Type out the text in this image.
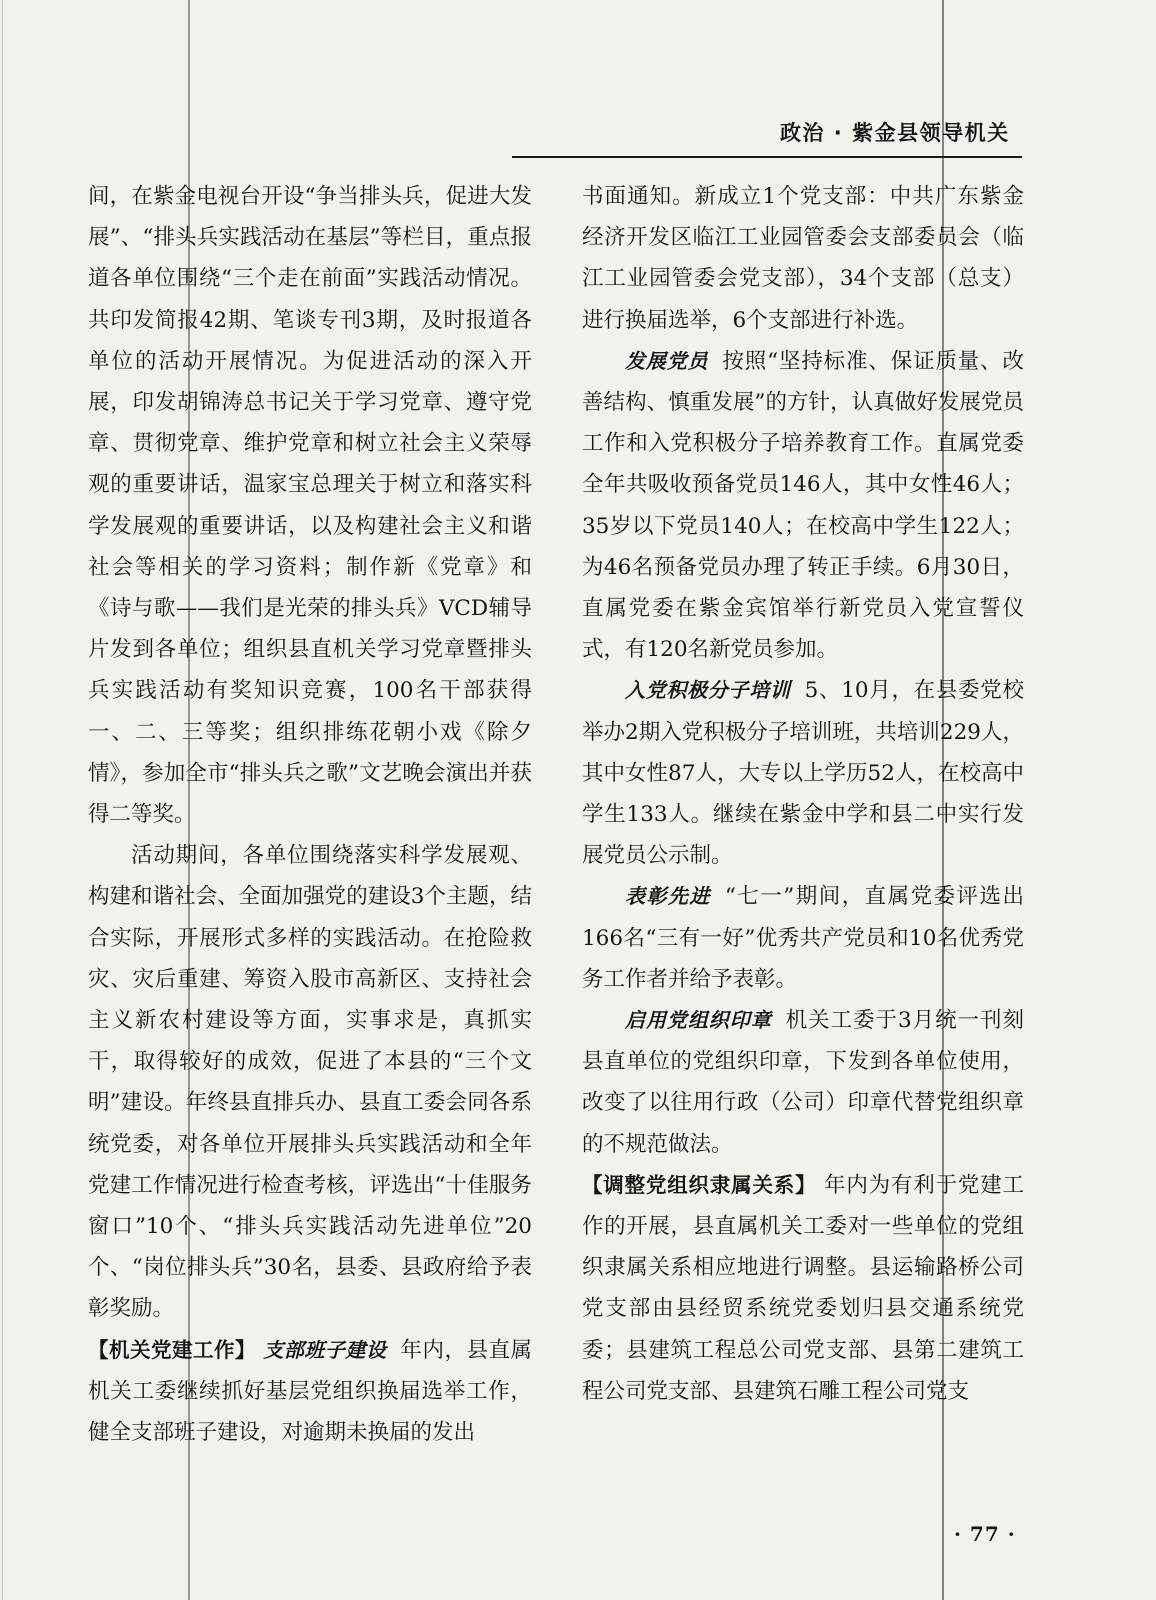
政治 · 紫金县领导机关

间，在紫金电视台开设“争当排头兵，促进大发展”、“排头兵实践活动在基层”等栏目，重点报道各单位围绕“三个走在前面”实践活动情况。共印发简报42期、笔谈专刊3期，及时报道各单位的活动开展情况。为促进活动的深入开展，印发胡锦涛总书记关于学习党章、遵守党章、贯彻党章、维护党章和树立社会主义荣辱观的重要讲话，温家宝总理关于树立和落实科学发展观的重要讲话，以及构建社会主义和谐社会等相关的学习资料；制作新《党章》和《诗与歌——我们是光荣的排头兵》VCD辅导片发到各单位；组织县直机关学习党章暨排头兵实践活动有奖知识竞赛，100名干部获得一、二、三等奖；组织排练花朝小戏《除夕情》，参加全市“排头兵之歌”文艺晚会演出并获得二等奖。

活动期间，各单位围绕落实科学发展观、构建和谐社会、全面加强党的建设3个主题，结合实际，开展形式多样的实践活动。在抢险救灾、灾后重建、筹资入股市高新区、支持社会主义新农村建设等方面，实事求是，真抓实干，取得较好的成效，促进了本县的“三个文明”建设。年终县直排兵办、县直工委会同各系统党委，对各单位开展排头兵实践活动和全年党建工作情况进行检查考核，评选出“十佳服务窗口”10个、“排头兵实践活动先进单位”20个、“岗位排头兵”30名，县委、县政府给予表彰奖励。

【机关党建工作】 支部班子建设 年内，县直属机关工委继续抓好基层党组织换届选举工作，健全支部班子建设，对逾期未换届的发出

书面通知。新成立1个党支部：中共广东紫金经济开发区临江工业园管委会支部委员会（临江工业园管委会党支部），34个支部（总支）进行换届选举，6个支部进行补选。

发展党员 按照“坚持标准、保证质量、改善结构、慎重发展”的方针，认真做好发展党员工作和入党积极分子培养教育工作。直属党委全年共吸收预备党员146人，其中女性46人；35岁以下党员140人；在校高中学生122人；为46名预备党员办理了转正手续。6月30日，直属党委在紫金宾馆举行新党员入党宣誓仪式，有120名新党员参加。

入党积极分子培训 5、10月，在县委党校举办2期入党积极分子培训班，共培训229人，其中女性87人，大专以上学历52人，在校高中学生133人。继续在紫金中学和县二中实行发展党员公示制。

表彰先进 “七一”期间，直属党委评选出166名“三有一好”优秀共产党员和10名优秀党务工作者并给予表彰。

启用党组织印章 机关工委于3月统一刊刻县直单位的党组织印章，下发到各单位使用，改变了以往用行政（公司）印章代替党组织章的不规范做法。

【调整党组织隶属关系】 年内为有利于党建工作的开展，县直属机关工委对一些单位的党组织隶属关系相应地进行调整。县运输路桥公司党支部由县经贸系统党委划归县交通系统党委；县建筑工程总公司党支部、县第二建筑工程公司党支部、县建筑石雕工程公司党支

· 77 ·
